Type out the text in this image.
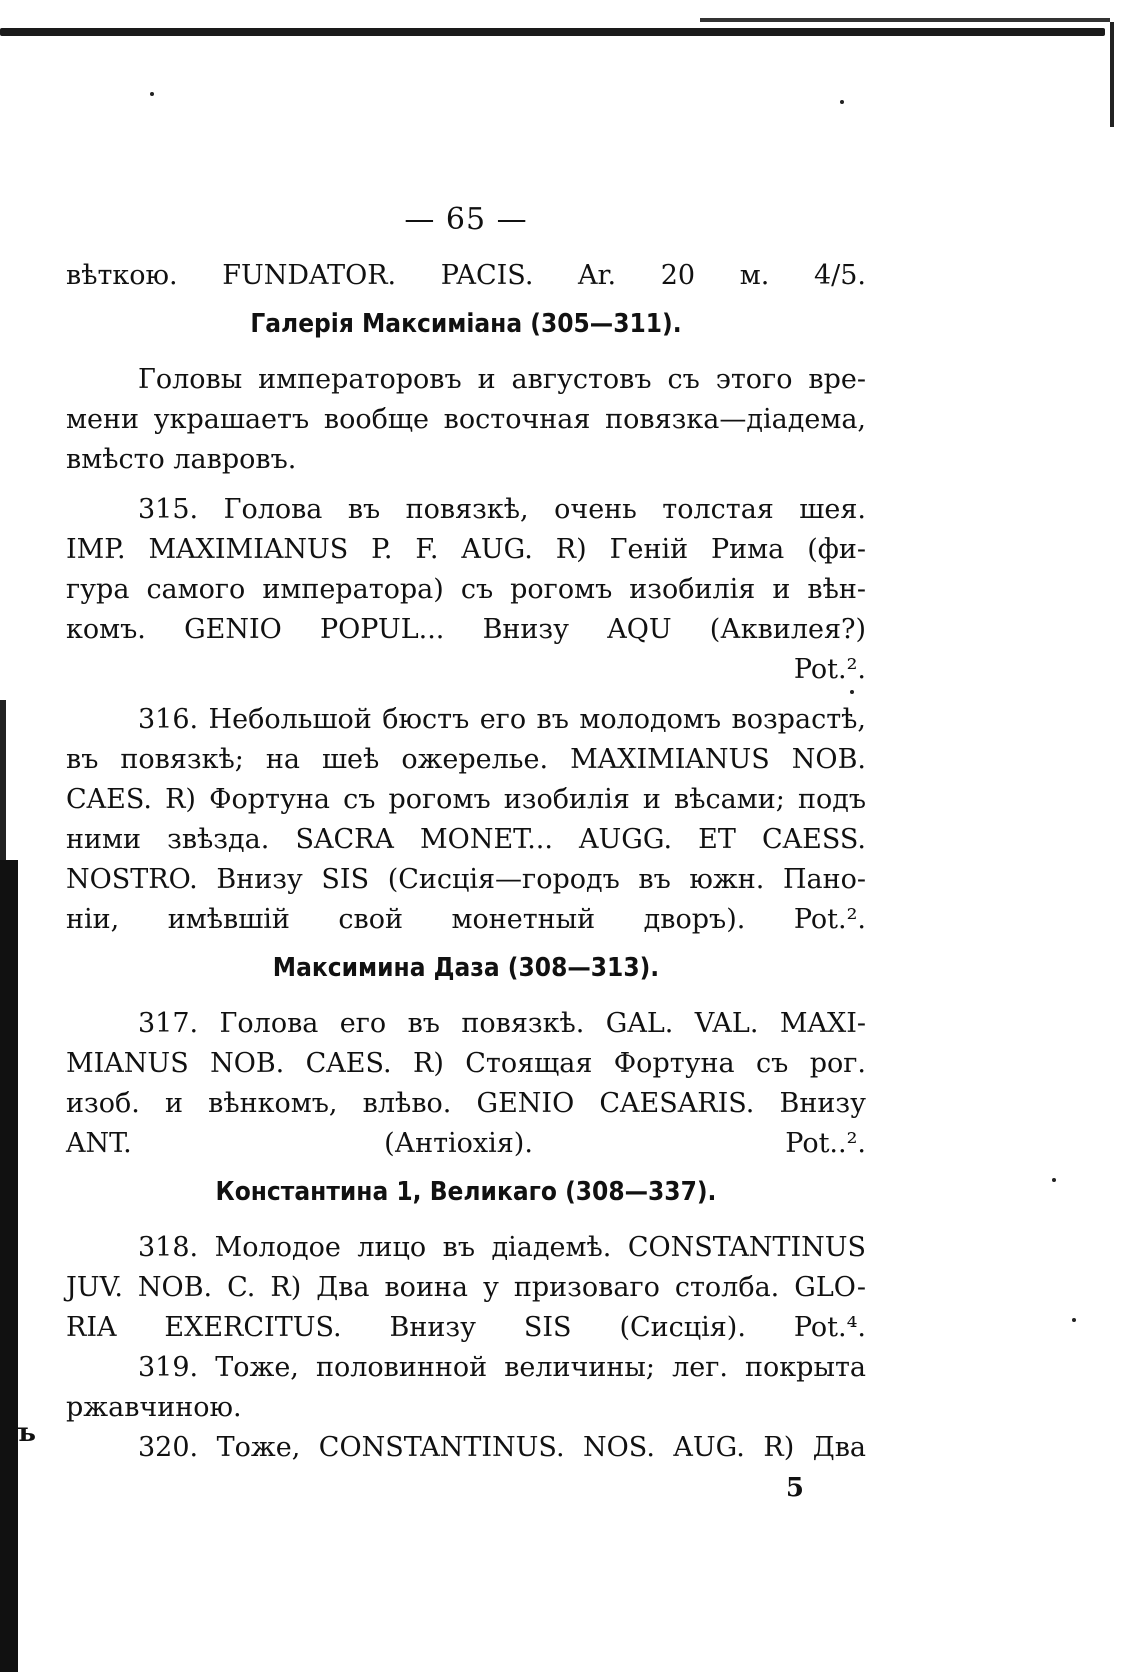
ъ
— 65 —
вѣткою. FUNDATOR. PACIS. Ar. 20 м. 4/5.
Галерія Максиміана (305—311).
Головы императоровъ и августовъ съ этого вре-
мени украшаетъ вообще восточная повязка—діадема,
вмѣсто лавровъ.
315. Голова въ повязкѣ, очень толстая шея.
IMP. MAXIMIANUS P. F. AUG. R) Геній Рима (фи-
гура самого императора) съ рогомъ изобилія и вѣн-
комъ. GENIO POPUL... Внизу AQU (Аквилея?)
Pot.².
316. Небольшой бюстъ его въ молодомъ возрастѣ,
въ повязкѣ; на шеѣ ожерелье. MAXIMIANUS NOB.
CAES. R) Фортуна съ рогомъ изобилія и вѣсами; подъ
ними звѣзда. SACRA MONET... AUGG. ET CAESS.
NOSTRO. Внизу SIS (Сисція—городъ въ южн. Пано-
ніи, имѣвшій свой монетный дворъ). Pot.².
Максимина Даза (308—313).
317. Голова его въ повязкѣ. GAL. VAL. MAXI-
MIANUS NOB. CAES. R) Стоящая Фортуна съ рог.
изоб. и вѣнкомъ, влѣво. GENIO CAESARIS. Внизу
ANT. (Антіохія). Pot..².
Константина 1, Великаго (308—337).
318. Молодое лицо въ діадемѣ. CONSTANTINUS
JUV. NOB. C. R) Два воина у призоваго столба. GLO-
RIA EXERCITUS. Внизу SIS (Сисція). Pot.⁴.
319. Тоже, половинной величины; лег. покрыта
ржавчиною.
320. Тоже, CONSTANTINUS. NOS. AUG. R) Два
5
